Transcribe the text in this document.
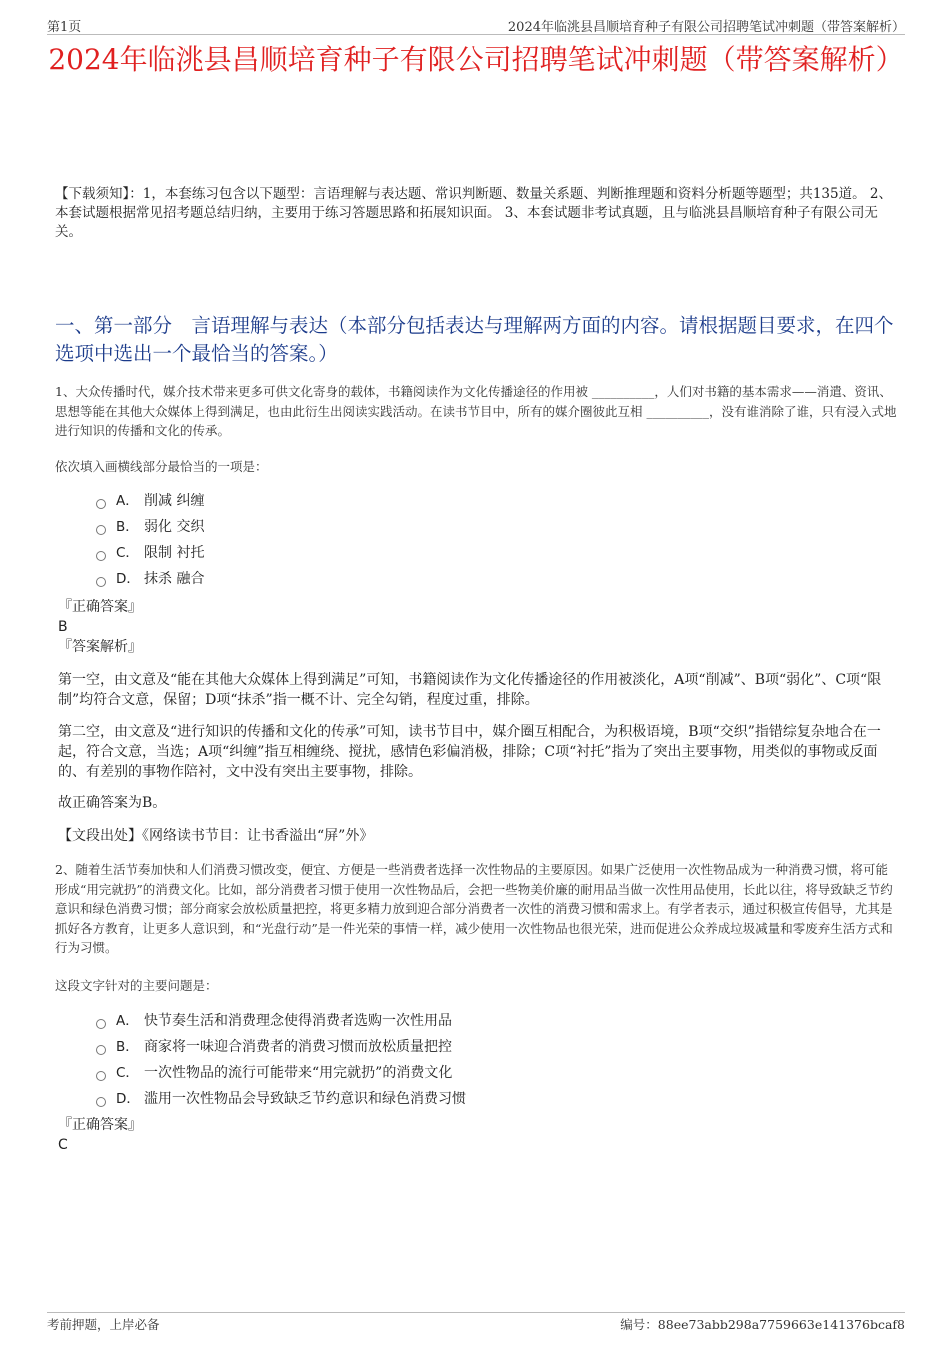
第1页	2024年临洮县昌顺培育种子有限公司招聘笔试冲刺题（带答案解析）
2024年临洮县昌顺培育种子有限公司招聘笔试冲刺题（带答案解析）
【下载须知】：1，本套练习包含以下题型：言语理解与表达题、常识判断题、数量关系题、判断推理题和资料分析题等题型；共135道。 2、本套试题根据常见招考题总结归纳，主要用于练习答题思路和拓展知识面。 3、本套试题非考试真题，且与临洮县昌顺培育种子有限公司无关。
一、第一部分　言语理解与表达（本部分包括表达与理解两方面的内容。请根据题目要求，在四个选项中选出一个最恰当的答案。）
1、大众传播时代，媒介技术带来更多可供文化寄身的载体，书籍阅读作为文化传播途径的作用被 __________，人们对书籍的基本需求——消遣、资讯、思想等能在其他大众媒体上得到满足，也由此衍生出阅读实践活动。在读书节目中，所有的媒介圈彼此互相 __________，没有谁消除了谁，只有浸入式地进行知识的传播和文化的传承。
依次填入画横线部分最恰当的一项是：
A． 削减 纠缠
B． 弱化 交织
C． 限制 衬托
D． 抹杀 融合
『正确答案』
B
『答案解析』
第一空，由文意及“能在其他大众媒体上得到满足”可知，书籍阅读作为文化传播途径的作用被淡化，A项“削减”、B项“弱化”、C项“限制”均符合文意，保留；D项“抹杀”指一概不计、完全勾销，程度过重，排除。
第二空，由文意及“进行知识的传播和文化的传承”可知，读书节目中，媒介圈互相配合，为积极语境，B项“交织”指错综复杂地合在一起，符合文意，当选；A项“纠缠”指互相缠绕、搅扰，感情色彩偏消极，排除；C项“衬托”指为了突出主要事物，用类似的事物或反面的、有差别的事物作陪衬，文中没有突出主要事物，排除。
故正确答案为B。
【文段出处】《网络读书节目：让书香溢出“屏”外》
2、随着生活节奏加快和人们消费习惯改变，便宜、方便是一些消费者选择一次性物品的主要原因。如果广泛使用一次性物品成为一种消费习惯，将可能形成“用完就扔”的消费文化。比如，部分消费者习惯于使用一次性物品后，会把一些物美价廉的耐用品当做一次性用品使用，长此以往，将导致缺乏节约意识和绿色消费习惯；部分商家会放松质量把控，将更多精力放到迎合部分消费者一次性的消费习惯和需求上。有学者表示，通过积极宣传倡导，尤其是抓好各方教育，让更多人意识到，和“光盘行动”是一件光荣的事情一样，减少使用一次性物品也很光荣，进而促进公众养成垃圾减量和零废弃生活方式和行为习惯。
这段文字针对的主要问题是：
A． 快节奏生活和消费理念使得消费者选购一次性用品
B． 商家将一味迎合消费者的消费习惯而放松质量把控
C． 一次性物品的流行可能带来“用完就扔”的消费文化
D． 滥用一次性物品会导致缺乏节约意识和绿色消费习惯
『正确答案』
C
考前押题，上岸必备	编号：88ee73abb298a7759663e141376bcaf8
